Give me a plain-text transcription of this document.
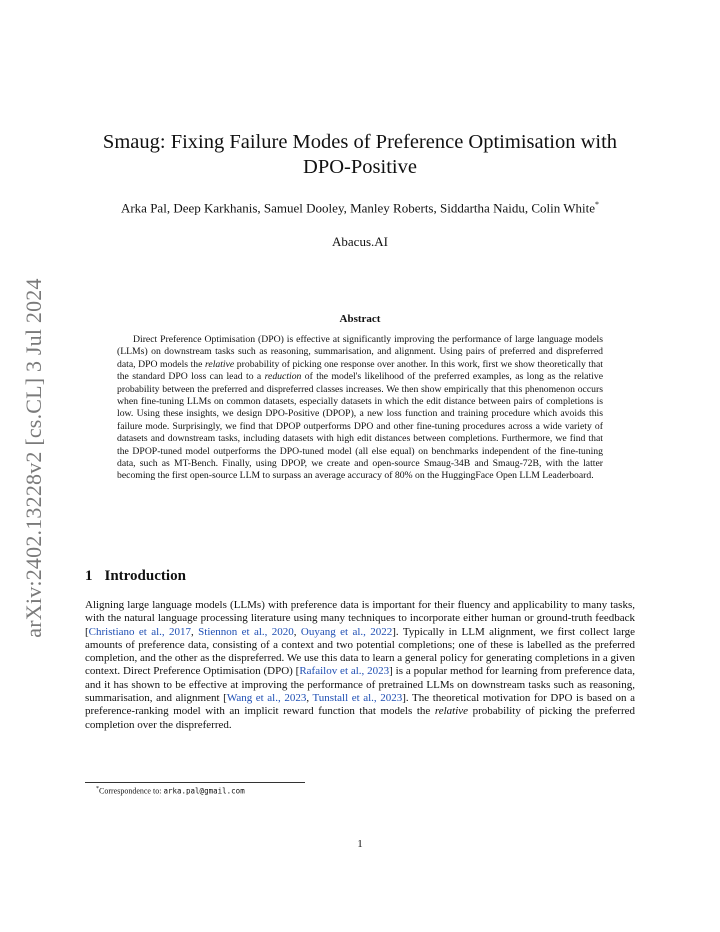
arXiv:2402.13228v2 [cs.CL] 3 Jul 2024
Smaug: Fixing Failure Modes of Preference Optimisation with DPO-Positive
Arka Pal, Deep Karkhanis, Samuel Dooley, Manley Roberts, Siddartha Naidu, Colin White*
Abacus.AI
Abstract

Direct Preference Optimisation (DPO) is effective at significantly improving the performance of large language models (LLMs) on downstream tasks such as reasoning, summarisation, and alignment. Using pairs of preferred and dispreferred data, DPO models the relative probability of picking one response over another. In this work, first we show theoretically that the standard DPO loss can lead to a reduction of the model's likelihood of the preferred examples, as long as the relative probability between the preferred and dispreferred classes increases. We then show empirically that this phenomenon occurs when fine-tuning LLMs on common datasets, especially datasets in which the edit distance between pairs of completions is low. Using these insights, we design DPO-Positive (DPOP), a new loss function and training procedure which avoids this failure mode. Surprisingly, we find that DPOP outperforms DPO and other fine-tuning procedures across a wide variety of datasets and downstream tasks, including datasets with high edit distances between completions. Furthermore, we find that the DPOP-tuned model outperforms the DPO-tuned model (all else equal) on benchmarks independent of the fine-tuning data, such as MT-Bench. Finally, using DPOP, we create and open-source Smaug-34B and Smaug-72B, with the latter becoming the first open-source LLM to surpass an average accuracy of 80% on the HuggingFace Open LLM Leaderboard.

1 Introduction

Aligning large language models (LLMs) with preference data is important for their fluency and applicability to many tasks, with the natural language processing literature using many techniques to incorporate either human or ground-truth feedback [Christiano et al., 2017, Stiennon et al., 2020, Ouyang et al., 2022]. Typically in LLM alignment, we first collect large amounts of preference data, consisting of a context and two potential completions; one of these is labelled as the preferred completion, and the other as the dispreferred. We use this data to learn a general policy for generating completions in a given context. Direct Preference Optimisation (DPO) [Rafailov et al., 2023] is a popular method for learning from preference data, and it has shown to be effective at improving the performance of pretrained LLMs on downstream tasks such as reasoning, summarisation, and alignment [Wang et al., 2023, Tunstall et al., 2023]. The theoretical motivation for DPO is based on a preference-ranking model with an implicit reward function that models the relative probability of picking the preferred completion over the dispreferred.

*Correspondence to: arka.pal@gmail.com
1
